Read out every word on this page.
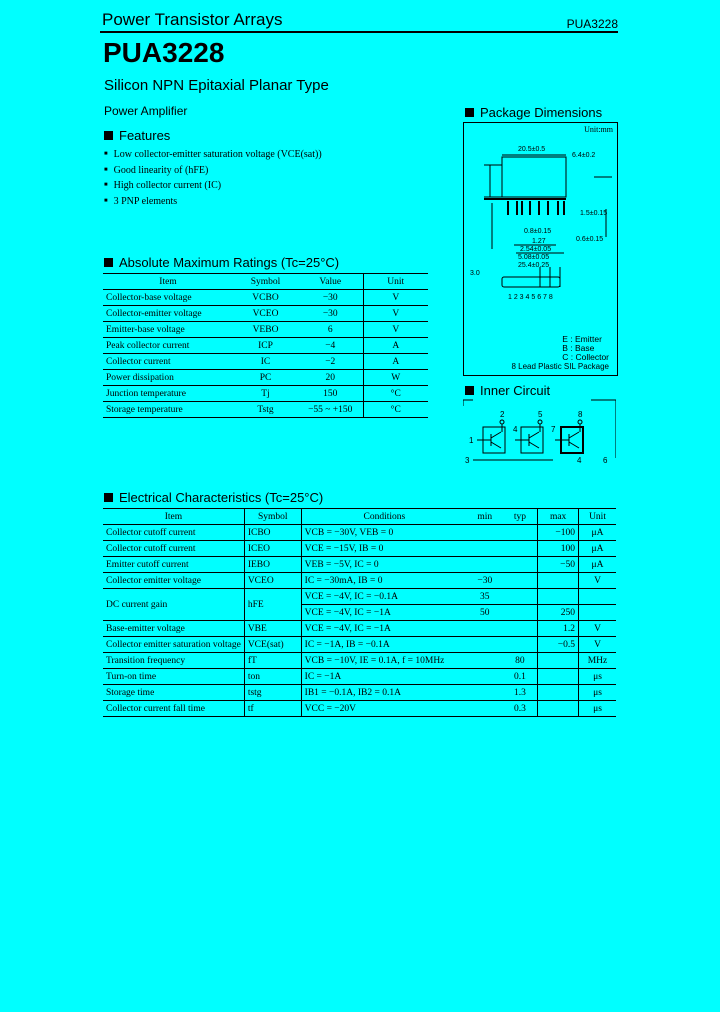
Power Transistor Arrays	PUA3228
PUA3228
Silicon NPN Epitaxial Planar Type
Power Amplifier
Features
■ Low collector-emitter saturation voltage (VCE(sat))
■ Good linearity of (hFE)
■ High collector current (IC)
■ 3 PNP elements
Absolute Maximum Ratings (Tc=25°C)
Item	Symbol	Value	Unit
Collector-base voltage	VCBO	−30	V
Collector-emitter voltage	VCEO	−30	V
Emitter-base voltage	VEBO	6	V
Peak collector current	ICP	−4	A
Collector current	IC	−2	A
Power dissipation	PC	20	W
Junction temperature	Tj	150	°C
Storage temperature	Tstg	−55 ~ +150	°C
Package Dimensions
Unit:mm
20.5±0.5
6.4±0.2
1.5±0.15
0.6±0.15
0.8±0.15
1.27
2.54±0.05
5.08±0.05
25.4±0.25
3.0
1 2 3 4 5 6 7 8
E : Emitter
B : Base
C : Collector
8 Lead Plastic SIL Package
Inner Circuit
2	5	8
1
4	7
3	4	6
Electrical Characteristics (Tc=25°C)
Item	Symbol	Conditions	min	typ	max	Unit
Collector cutoff current	ICBO	VCB = −30V, VEB = 0			−100	μA
Collector cutoff current	ICEO	VCE = −15V, IB = 0			100	μA
Emitter cutoff current	IEBO	VEB = −5V, IC = 0			−50	μA
Collector emitter voltage	VCEO	IC = −30mA, IB = 0	−30			V
DC current gain	hFE	VCE = −4V, IC = −0.1A	35			
		VCE = −4V, IC = −1A	50		250	
Base-emitter voltage	VBE	VCE = −4V, IC = −1A			1.2	V
Collector emitter saturation voltage	VCE(sat)	IC = −1A, IB = −0.1A			−0.5	V
Transition frequency	fT	VCB = −10V, IE = 0.1A, f = 10MHz		80		MHz
Turn-on time	ton	IC = −1A		0.1		μs
Storage time	tstg	IB1 = −0.1A, IB2 = 0.1A		1.3		μs
Collector current fall time	tf	VCC = −20V		0.3		μs
